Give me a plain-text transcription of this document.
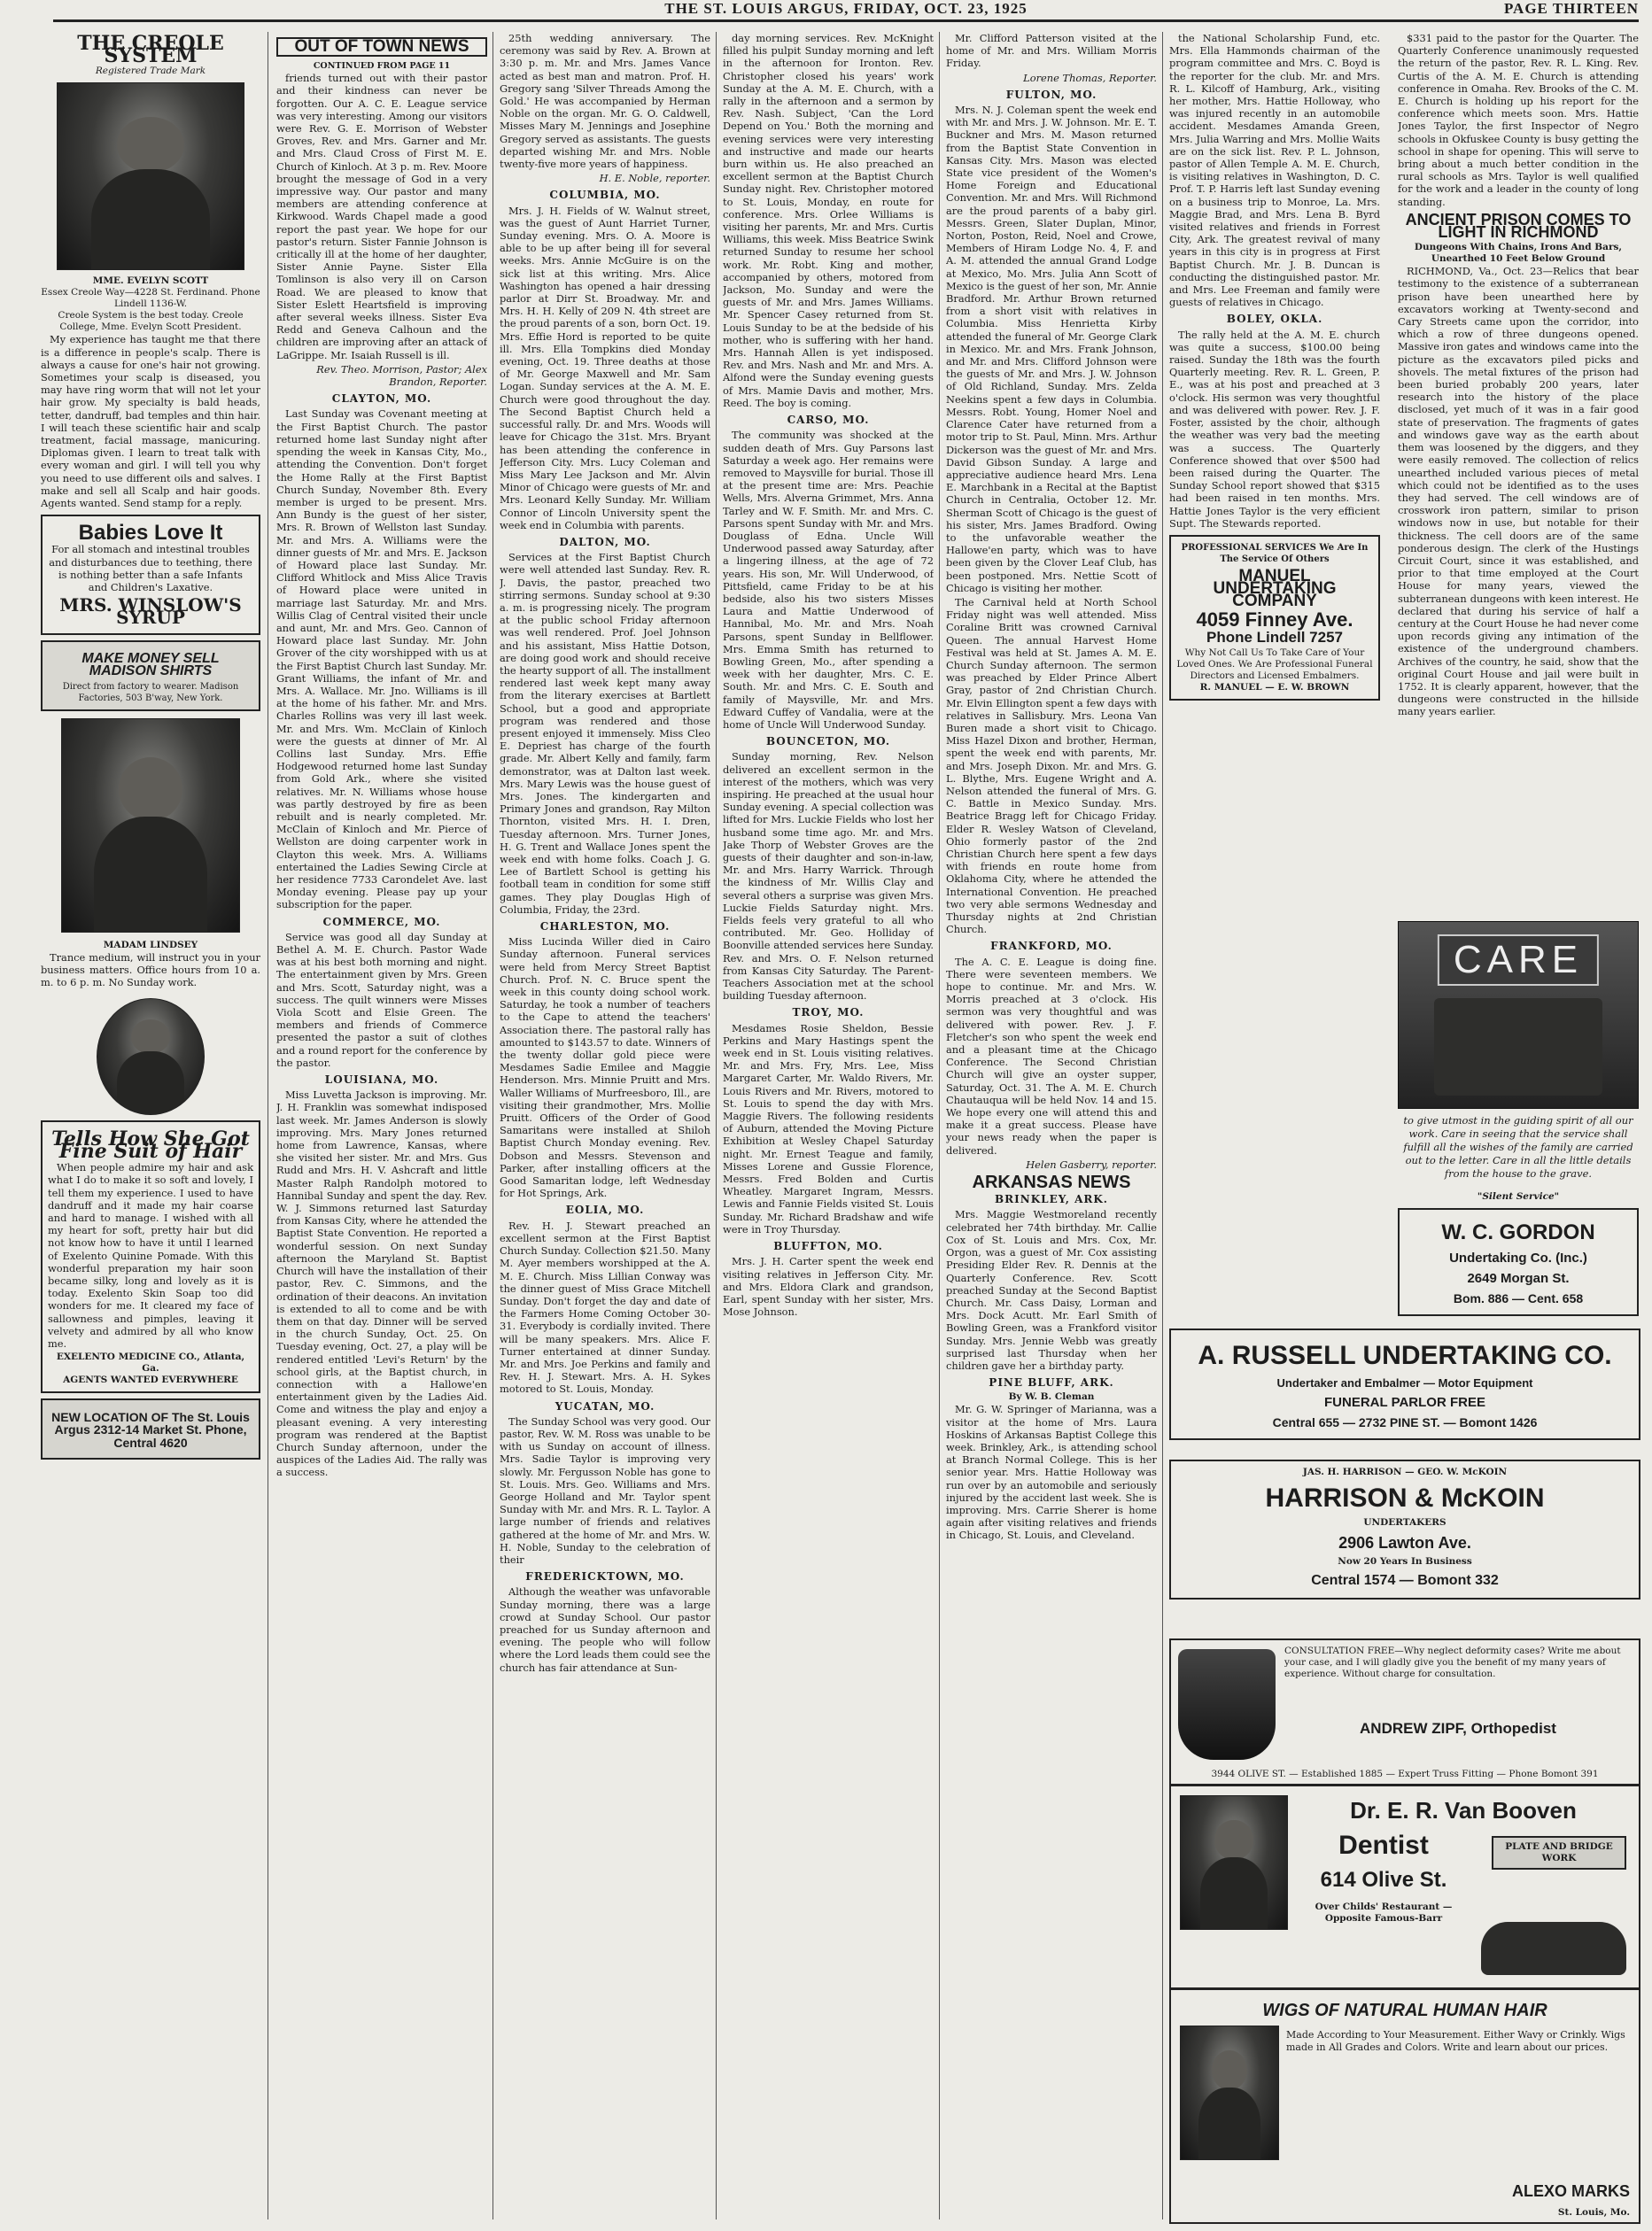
THE ST. LOUIS ARGUS, FRIDAY, OCT. 23, 1925	PAGE THIRTEEN
THE CREOLE SYSTEM
Registered Trade Mark
MME. EVELYN SCOTT
Essex Creole Way—4228 St. Ferdinand. Phone Lindell 1136-W.
Creole System is the best today. Creole College, Mme. Evelyn Scott President.

My experience has taught me that there is a difference in people's scalp. There is always a cause for one's hair not growing. Sometimes your scalp is diseased, you may have ring worm that will not let your hair grow. My specialty is bald heads, tetter, dandruff, bad temples and thin hair. I will teach these scientific hair and scalp treatment, facial massage, manicuring. Diplomas given. I learn to treat talk with every woman and girl. I will tell you why you need to use different oils and salves. I make and sell all Scalp and hair goods. Agents wanted. Send stamp for a reply.

Babies Love It

For all stomach and intestinal troubles and disturbances due to teething, there is nothing better than a safe Infants and Children's Laxative.

MRS. WINSLOW'S SYRUP
MAKE MONEY SELL MADISON SHIRTS
Direct from factory to wearer. Madison Factories, 503 B'way, New York.
MADAM LINDSEY

Trance medium, will instruct you in your business matters. Office hours from 10 a. m. to 6 p. m. No Sunday work.

Tells How She Got Fine Suit of Hair

When people admire my hair and ask what I do to make it so soft and lovely, I tell them my experience. I used to have dandruff and it made my hair coarse and hard to manage. I wished with all my heart for soft, pretty hair but did not know how to have it until I learned of Exelento Quinine Pomade. With this wonderful preparation my hair soon became silky, long and lovely as it is today. Exelento Skin Soap too did wonders for me. It cleared my face of sallowness and pimples, leaving it velvety and admired by all who know me.

EXELENTO MEDICINE CO., Atlanta, Ga.
AGENTS WANTED EVERYWHERE
NEW LOCATION OF The St. Louis Argus 2312-14 Market St. Phone, Central 4620
OUT OF TOWN NEWS
CONTINUED FROM PAGE 11

friends turned out with their pastor and their kindness can never be forgotten. Our A. C. E. League service was very interesting. Among our visitors were Rev. G. E. Morrison of Webster Groves, Rev. and Mrs. Garner and Mr. and Mrs. Claud Cross of First M. E. Church of Kinloch. At 3 p. m. Rev. Moore brought the message of God in a very impressive way. Our pastor and many members are attending conference at Kirkwood. Wards Chapel made a good report the past year. We hope for our pastor's return. Sister Fannie Johnson is critically ill at the home of her daughter, Sister Annie Payne. Sister Ella Tomlinson is also very ill on Carson Road. We are pleased to know that Sister Eslett Heartsfield is improving after several weeks illness. Sister Eva Redd and Geneva Calhoun and the children are improving after an attack of LaGrippe. Mr. Isaiah Russell is ill.

Rev. Theo. Morrison, Pastor; Alex Brandon, Reporter.
CLAYTON, MO.

Last Sunday was Covenant meeting at the First Baptist Church. The pastor returned home last Sunday night after spending the week in Kansas City, Mo., attending the Convention. Don't forget the Home Rally at the First Baptist Church Sunday, November 8th. Every member is urged to be present. Mrs. Ann Bundy is the guest of her sister, Mrs. R. Brown of Wellston last Sunday. Mr. and Mrs. A. Williams were the dinner guests of Mr. and Mrs. E. Jackson of Howard place last Sunday. Mr. Clifford Whitlock and Miss Alice Travis of Howard place were united in marriage last Saturday. Mr. and Mrs. Willis Clag of Central visited their uncle and aunt, Mr. and Mrs. Geo. Cannon of Howard place last Sunday. Mr. John Grover of the city worshipped with us at the First Baptist Church last Sunday. Mr. Grant Williams, the infant of Mr. and Mrs. A. Wallace. Mr. Jno. Williams is ill at the home of his father. Mr. and Mrs. Charles Rollins was very ill last week. Mr. and Mrs. Wm. McClain of Kinloch were the guests at dinner of Mr. Al Collins last Sunday. Mrs. Effie Hodgewood returned home last Sunday from Gold Ark., where she visited relatives. Mr. N. Williams whose house was partly destroyed by fire as been rebuilt and is nearly completed. Mr. McClain of Kinloch and Mr. Pierce of Wellston are doing carpenter work in Clayton this week. Mrs. A. Williams entertained the Ladies Sewing Circle at her residence 7733 Carondelet Ave. last Monday evening. Please pay up your subscription for the paper.

COMMERCE, MO.

Service was good all day Sunday at Bethel A. M. E. Church. Pastor Wade was at his best both morning and night. The entertainment given by Mrs. Green and Mrs. Scott, Saturday night, was a success. The quilt winners were Misses Viola Scott and Elsie Green. The members and friends of Commerce presented the pastor a suit of clothes and a round report for the conference by the pastor.

LOUISIANA, MO.

Miss Luvetta Jackson is improving. Mr. J. H. Franklin was somewhat indisposed last week. Mr. James Anderson is slowly improving. Mrs. Mary Jones returned home from Lawrence, Kansas, where she visited her sister. Mr. and Mrs. Gus Rudd and Mrs. H. V. Ashcraft and little Master Ralph Randolph motored to Hannibal Sunday and spent the day. Rev. W. J. Simmons returned last Saturday from Kansas City, where he attended the Baptist State Convention. He reported a wonderful session. On next Sunday afternoon the Maryland St. Baptist Church will have the installation of their pastor, Rev. C. Simmons, and the ordination of their deacons. An invitation is extended to all to come and be with them on that day. Dinner will be served in the church Sunday, Oct. 25. On Tuesday evening, Oct. 27, a play will be rendered entitled 'Levi's Return' by the school girls, at the Baptist church, in connection with a Hallowe'en entertainment given by the Ladies Aid. Come and witness the play and enjoy a pleasant evening. A very interesting program was rendered at the Baptist Church Sunday afternoon, under the auspices of the Ladies Aid. The rally was a success.

25th wedding anniversary. The ceremony was said by Rev. A. Brown at 3:30 p. m. Mr. and Mrs. James Vance acted as best man and matron. Prof. H. Gregory sang 'Silver Threads Among the Gold.' He was accompanied by Herman Noble on the organ. Mr. G. O. Caldwell, Misses Mary M. Jennings and Josephine Gregory served as assistants. The guests departed wishing Mr. and Mrs. Noble twenty-five more years of happiness.

H. E. Noble, reporter.
COLUMBIA, MO.

Mrs. J. H. Fields of W. Walnut street, was the guest of Aunt Harriet Turner, Sunday evening. Mrs. O. A. Moore is able to be up after being ill for several weeks. Mrs. Annie McGuire is on the sick list at this writing. Mrs. Alice Washington has opened a hair dressing parlor at Dirr St. Broadway. Mr. and Mrs. H. H. Kelly of 209 N. 4th street are the proud parents of a son, born Oct. 19. Mrs. Effie Hord is reported to be quite ill. Mrs. Ella Tompkins died Monday evening, Oct. 19. Three deaths at those of Mr. George Maxwell and Mr. Sam Logan. Sunday services at the A. M. E. Church were good throughout the day. The Second Baptist Church held a successful rally. Dr. and Mrs. Woods will leave for Chicago the 31st. Mrs. Bryant has been attending the conference in Jefferson City. Mrs. Lucy Coleman and Miss Mary Lee Jackson and Mr. Alvin Minor of Chicago were guests of Mr. and Mrs. Leonard Kelly Sunday. Mr. William Connor of Lincoln University spent the week end in Columbia with parents.

DALTON, MO.

Services at the First Baptist Church were well attended last Sunday. Rev. R. J. Davis, the pastor, preached two stirring sermons. Sunday school at 9:30 a. m. is progressing nicely. The program at the public school Friday afternoon was well rendered. Prof. Joel Johnson and his assistant, Miss Hattie Dotson, are doing good work and should receive the hearty support of all. The installment rendered last week kept many away from the literary exercises at Bartlett School, but a good and appropriate program was rendered and those present enjoyed it immensely. Miss Cleo E. Depriest has charge of the fourth grade. Mr. Albert Kelly and family, farm demonstrator, was at Dalton last week. Mrs. Mary Lewis was the house guest of Mrs. Jones. The kindergarten and Primary Jones and grandson, Ray Milton Thornton, visited Mrs. H. I. Dren, Tuesday afternoon. Mrs. Turner Jones, H. G. Trent and Wallace Jones spent the week end with home folks. Coach J. G. Lee of Bartlett School is getting his football team in condition for some stiff games. They play Douglas High of Columbia, Friday, the 23rd.

CHARLESTON, MO.

Miss Lucinda Willer died in Cairo Sunday afternoon. Funeral services were held from Mercy Street Baptist Church. Prof. N. C. Bruce spent the week in this county doing school work. Saturday, he took a number of teachers to the Cape to attend the teachers' Association there. The pastoral rally has amounted to $143.57 to date. Winners of the twenty dollar gold piece were Mesdames Sadie Emilee and Maggie Henderson. Mrs. Minnie Pruitt and Mrs. Waller Williams of Murfreesboro, Ill., are visiting their grandmother, Mrs. Mollie Pruitt. Officers of the Order of Good Samaritans were installed at Shiloh Baptist Church Monday evening. Rev. Dobson and Messrs. Stevenson and Parker, after installing officers at the Good Samaritan lodge, left Wednesday for Hot Springs, Ark.

EOLIA, MO.

Rev. H. J. Stewart preached an excellent sermon at the First Baptist Church Sunday. Collection $21.50. Many M. Ayer members worshipped at the A. M. E. Church. Miss Lillian Conway was the dinner guest of Miss Grace Mitchell Sunday. Don't forget the day and date of the Farmers Home Coming October 30-31. Everybody is cordially invited. There will be many speakers. Mrs. Alice F. Turner entertained at dinner Sunday. Mr. and Mrs. Joe Perkins and family and Rev. H. J. Stewart. Mrs. A. H. Sykes motored to St. Louis, Monday.

YUCATAN, MO.

The Sunday School was very good. Our pastor, Rev. W. M. Ross was unable to be with us Sunday on account of illness. Mrs. Sadie Taylor is improving very slowly. Mr. Fergusson Noble has gone to St. Louis. Mrs. Geo. Williams and Mrs. George Holland and Mr. Taylor spent Sunday with Mr. and Mrs. R. L. Taylor. A large number of friends and relatives gathered at the home of Mr. and Mrs. W. H. Noble, Sunday to the celebration of their

FREDERICKTOWN, MO.

Although the weather was unfavorable Sunday morning, there was a large crowd at Sunday School. Our pastor preached for us Sunday afternoon and evening. The people who will follow where the Lord leads them could see the church has fair attendance at Sun-

day morning services. Rev. McKnight filled his pulpit Sunday morning and left in the afternoon for Ironton. Rev. Christopher closed his years' work Sunday at the A. M. E. Church, with a rally in the afternoon and a sermon by Rev. Nash. Subject, 'Can the Lord Depend on You.' Both the morning and evening services were very interesting and instructive and made our hearts burn within us. He also preached an excellent sermon at the Baptist Church Sunday night. Rev. Christopher motored to St. Louis, Monday, en route for conference. Mrs. Orlee Williams is visiting her parents, Mr. and Mrs. Curtis Williams, this week. Miss Beatrice Swink returned Sunday to resume her school work. Mr. Robt. King and mother, accompanied by others, motored from Jackson, Mo. Sunday and were the guests of Mr. and Mrs. James Williams. Mr. Spencer Casey returned from St. Louis Sunday to be at the bedside of his mother, who is suffering with her hand. Mrs. Hannah Allen is yet indisposed. Rev. and Mrs. Nash and Mr. and Mrs. A. Alfond were the Sunday evening guests of Mrs. Mamie Davis and mother, Mrs. Reed. The boy is coming.

CARSO, MO.

The community was shocked at the sudden death of Mrs. Guy Parsons last Saturday a week ago. Her remains were removed to Maysville for burial. Those ill at the present time are: Mrs. Peachie Wells, Mrs. Alverna Grimmet, Mrs. Anna Tarley and W. F. Smith. Mr. and Mrs. C. Parsons spent Sunday with Mr. and Mrs. Douglass of Edna. Uncle Will Underwood passed away Saturday, after a lingering illness, at the age of 72 years. His son, Mr. Will Underwood, of Pittsfield, came Friday to be at his bedside, also his two sisters Misses Laura and Mattie Underwood of Hannibal, Mo. Mr. and Mrs. Noah Parsons, spent Sunday in Bellflower. Mrs. Emma Smith has returned to Bowling Green, Mo., after spending a week with her daughter, Mrs. C. E. South. Mr. and Mrs. C. E. South and family of Maysville, Mr. and Mrs. Edward Cuffey of Vandalia, were at the home of Uncle Will Underwood Sunday.

BOUNCETON, MO.

Sunday morning, Rev. Nelson delivered an excellent sermon in the interest of the mothers, which was very inspiring. He preached at the usual hour Sunday evening. A special collection was lifted for Mrs. Luckie Fields who lost her husband some time ago. Mr. and Mrs. Jake Thorp of Webster Groves are the guests of their daughter and son-in-law, Mr. and Mrs. Harry Warrick. Through the kindness of Mr. Willis Clay and several others a surprise was given Mrs. Luckie Fields Saturday night. Mrs. Fields feels very grateful to all who contributed. Mr. Geo. Holliday of Boonville attended services here Sunday. Rev. and Mrs. O. F. Nelson returned from Kansas City Saturday. The Parent-Teachers Association met at the school building Tuesday afternoon.

TROY, MO.

Mesdames Rosie Sheldon, Bessie Perkins and Mary Hastings spent the week end in St. Louis visiting relatives. Mr. and Mrs. Fry, Mrs. Lee, Miss Margaret Carter, Mr. Waldo Rivers, Mr. Louis Rivers and Mr. Rivers, motored to St. Louis to spend the day with Mrs. Maggie Rivers. The following residents of Auburn, attended the Moving Picture Exhibition at Wesley Chapel Saturday night. Mr. Ernest Teague and family, Misses Lorene and Gussie Florence, Messrs. Fred Bolden and Curtis Wheatley. Margaret Ingram, Messrs. Lewis and Fannie Fields visited St. Louis Sunday. Mr. Richard Bradshaw and wife were in Troy Thursday.

BLUFFTON, MO.

Mrs. J. H. Carter spent the week end visiting relatives in Jefferson City. Mr. and Mrs. Eldora Clark and grandson, Earl, spent Sunday with her sister, Mrs. Mose Johnson.

Mr. Clifford Patterson visited at the home of Mr. and Mrs. William Morris Friday.

Lorene Thomas, Reporter.
FULTON, MO.

Mrs. N. J. Coleman spent the week end with Mr. and Mrs. J. W. Johnson. Mr. E. T. Buckner and Mrs. M. Mason returned from the Baptist State Convention in Kansas City. Mrs. Mason was elected State vice president of the Women's Home Foreign and Educational Convention. Mr. and Mrs. Will Richmond are the proud parents of a baby girl. Messrs. Green, Slater Duplan, Minor, Norton, Poston, Reid, Noel and Crowe, Members of Hiram Lodge No. 4, F. and A. M. attended the annual Grand Lodge at Mexico, Mo. Mrs. Julia Ann Scott of Mexico is the guest of her son, Mr. Annie Bradford. Mr. Arthur Brown returned from a short visit with relatives in Columbia. Miss Henrietta Kirby attended the funeral of Mr. George Clark in Mexico. Mr. and Mrs. Frank Johnson, and Mr. and Mrs. Clifford Johnson were the guests of Mr. and Mrs. J. W. Johnson of Old Richland, Sunday. Mrs. Zelda Neekins spent a few days in Columbia. Messrs. Robt. Young, Homer Noel and Clarence Cater have returned from a motor trip to St. Paul, Minn. Mrs. Arthur Dickerson was the guest of Mr. and Mrs. David Gibson Sunday. A large and appreciative audience heard Mrs. Lena E. Marchbank in a Recital at the Baptist Church in Centralia, October 12. Mr. Sherman Scott of Chicago is the guest of his sister, Mrs. James Bradford. Owing to the unfavorable weather the Hallowe'en party, which was to have been given by the Clover Leaf Club, has been postponed. Mrs. Nettie Scott of Chicago is visiting her mother.

The Carnival held at North School Friday night was well attended. Miss Coraline Britt was crowned Carnival Queen. The annual Harvest Home Festival was held at St. James A. M. E. Church Sunday afternoon. The sermon was preached by Elder Prince Albert Gray, pastor of 2nd Christian Church. Mr. Elvin Ellington spent a few days with relatives in Sallisbury. Mrs. Leona Van Buren made a short visit to Chicago. Miss Hazel Dixon and brother, Herman, spent the week end with parents, Mr. and Mrs. Joseph Dixon. Mr. and Mrs. G. L. Blythe, Mrs. Eugene Wright and A. Nelson attended the funeral of Mrs. G. C. Battle in Mexico Sunday. Mrs. Beatrice Bragg left for Chicago Friday. Elder R. Wesley Watson of Cleveland, Ohio formerly pastor of the 2nd Christian Church here spent a few days with friends en route home from Oklahoma City, where he attended the International Convention. He preached two very able sermons Wednesday and Thursday nights at 2nd Christian Church.

FRANKFORD, MO.

The A. C. E. League is doing fine. There were seventeen members. We hope to continue. Mr. and Mrs. W. Morris preached at 3 o'clock. His sermon was very thoughtful and was delivered with power. Rev. J. F. Fletcher's son who spent the week end and a pleasant time at the Chicago Conference. The Second Christian Church will give an oyster supper, Saturday, Oct. 31. The A. M. E. Church Chautauqua will be held Nov. 14 and 15. We hope every one will attend this and make it a great success. Please have your news ready when the paper is delivered.

Helen Gasberry, reporter.
ARKANSAS NEWS
BRINKLEY, ARK.

Mrs. Maggie Westmoreland recently celebrated her 74th birthday. Mr. Callie Cox of St. Louis and Mrs. Cox, Mr. Orgon, was a guest of Mr. Cox assisting Presiding Elder Rev. R. Dennis at the Quarterly Conference. Rev. Scott preached Sunday at the Second Baptist Church. Mr. Cass Daisy, Lorman and Mrs. Dock Acutt. Mr. Earl Smith of Bowling Green, was a Frankford visitor Sunday. Mrs. Jennie Webb was greatly surprised last Thursday when her children gave her a birthday party.

PINE BLUFF, ARK.
By W. B. Cleman

Mr. G. W. Springer of Marianna, was a visitor at the home of Mrs. Laura Hoskins of Arkansas Baptist College this week. Brinkley, Ark., is attending school at Branch Normal College. This is her senior year. Mrs. Hattie Holloway was run over by an automobile and seriously injured by the accident last week. She is improving. Mrs. Carrie Sherer is home again after visiting relatives and friends in Chicago, St. Louis, and Cleveland.

the National Scholarship Fund, etc. Mrs. Ella Hammonds chairman of the program committee and Mrs. C. Boyd is the reporter for the club. Mr. and Mrs. R. L. Kilcoff of Hamburg, Ark., visiting her mother, Mrs. Hattie Holloway, who was injured recently in an automobile accident. Mesdames Amanda Green, Mrs. Julia Warring and Mrs. Mollie Waits are on the sick list. Rev. P. L. Johnson, pastor of Allen Temple A. M. E. Church, is visiting relatives in Washington, D. C. Prof. T. P. Harris left last Sunday evening on a business trip to Monroe, La. Mrs. Maggie Brad, and Mrs. Lena B. Byrd visited relatives and friends in Forrest City, Ark. The greatest revival of many years in this city is in progress at First Baptist Church. Mr. J. B. Duncan is conducting the distinguished pastor. Mr. and Mrs. Lee Freeman and family were guests of relatives in Chicago.

BOLEY, OKLA.

The rally held at the A. M. E. church was quite a success, $100.00 being raised. Sunday the 18th was the fourth Quarterly meeting. Rev. R. L. Green, P. E., was at his post and preached at 3 o'clock. His sermon was very thoughtful and was delivered with power. Rev. J. F. Foster, assisted by the choir, although the weather was very bad the meeting was a success. The Quarterly Conference showed that over $500 had been raised during the Quarter. The Sunday School report showed that $315 had been raised in ten months. Mrs. Hattie Jones Taylor is the very efficient Supt. The Stewards reported.

PROFESSIONAL SERVICES We Are In The Service Of Others
MANUEL UNDERTAKING COMPANY
4059 Finney Ave.
Phone Lindell 7257
Why Not Call Us To Take Care of Your Loved Ones. We Are Professional Funeral Directors and Licensed Embalmers.
R. MANUEL — E. W. BROWN

$331 paid to the pastor for the Quarter. The Quarterly Conference unanimously requested the return of the pastor, Rev. R. L. King. Rev. Curtis of the A. M. E. Church is attending conference in Omaha. Rev. Brooks of the C. M. E. Church is holding up his report for the conference which meets soon. Mrs. Hattie Jones Taylor, the first Inspector of Negro schools in Okfuskee County is busy getting the school in shape for opening. This will serve to bring about a much better condition in the rural schools as Mrs. Taylor is well qualified for the work and a leader in the county of long standing.

ANCIENT PRISON COMES TO LIGHT IN RICHMOND
Dungeons With Chains, Irons And Bars, Unearthed 10 Feet Below Ground

RICHMOND, Va., Oct. 23—Relics that bear testimony to the existence of a subterranean prison have been unearthed here by excavators working at Twenty-second and Cary Streets came upon the corridor, into which a row of three dungeons opened. Massive iron gates and windows came into the picture as the excavators piled picks and shovels. The metal fixtures of the prison had been buried probably 200 years, later research into the history of the place disclosed, yet much of it was in a fair good state of preservation. The fragments of gates and windows gave way as the earth about them was loosened by the diggers, and they were easily removed. The collection of relics unearthed included various pieces of metal which could not be identified as to the uses they had served. The cell windows are of crosswork iron pattern, similar to prison windows now in use, but notable for their thickness. The cell doors are of the same ponderous design. The clerk of the Hustings Circuit Court, since it was established, and prior to that time employed at the Court House for many years, viewed the subterranean dungeons with keen interest. He declared that during his service of half a century at the Court House he had never come upon records giving any intimation of the existence of the underground chambers. Archives of the country, he said, show that the original Court House and jail were built in 1752. It is clearly apparent, however, that the dungeons were constructed in the hillside many years earlier.

CARE

to give utmost in the guiding spirit of all our work. Care in seeing that the service shall fulfill all the wishes of the family are carried out to the letter. Care in all the little details from the house to the grave.

"Silent Service"
W. C. GORDON
Undertaking Co. (Inc.)
2649 Morgan St.
Bom. 886 — Cent. 658
A. RUSSELL UNDERTAKING CO.
Undertaker and Embalmer — Motor Equipment
FUNERAL PARLOR FREE
Central 655 — 2732 PINE ST. — Bomont 1426
JAS. H. HARRISON — GEO. W. McKOIN
HARRISON & McKOIN
UNDERTAKERS
2906 Lawton Ave.
Now 20 Years In Business
Central 1574 — Bomont 332
CONSULTATION FREE—Why neglect deformity cases? Write me about your case, and I will gladly give you the benefit of my many years of experience. Without charge for consultation.
ANDREW ZIPF, Orthopedist
3944 OLIVE ST. — Established 1885 — Expert Truss Fitting — Phone Bomont 391
Dr. E. R. Van Booven
Dentist
614 Olive St.
PLATE AND BRIDGE WORK
Over Childs' Restaurant — Opposite Famous-Barr
WIGS OF NATURAL HUMAN HAIR
Made According to Your Measurement. Either Wavy or Crinkly. Wigs made in All Grades and Colors. Write and learn about our prices.
ALEXO MARKS
St. Louis, Mo.
